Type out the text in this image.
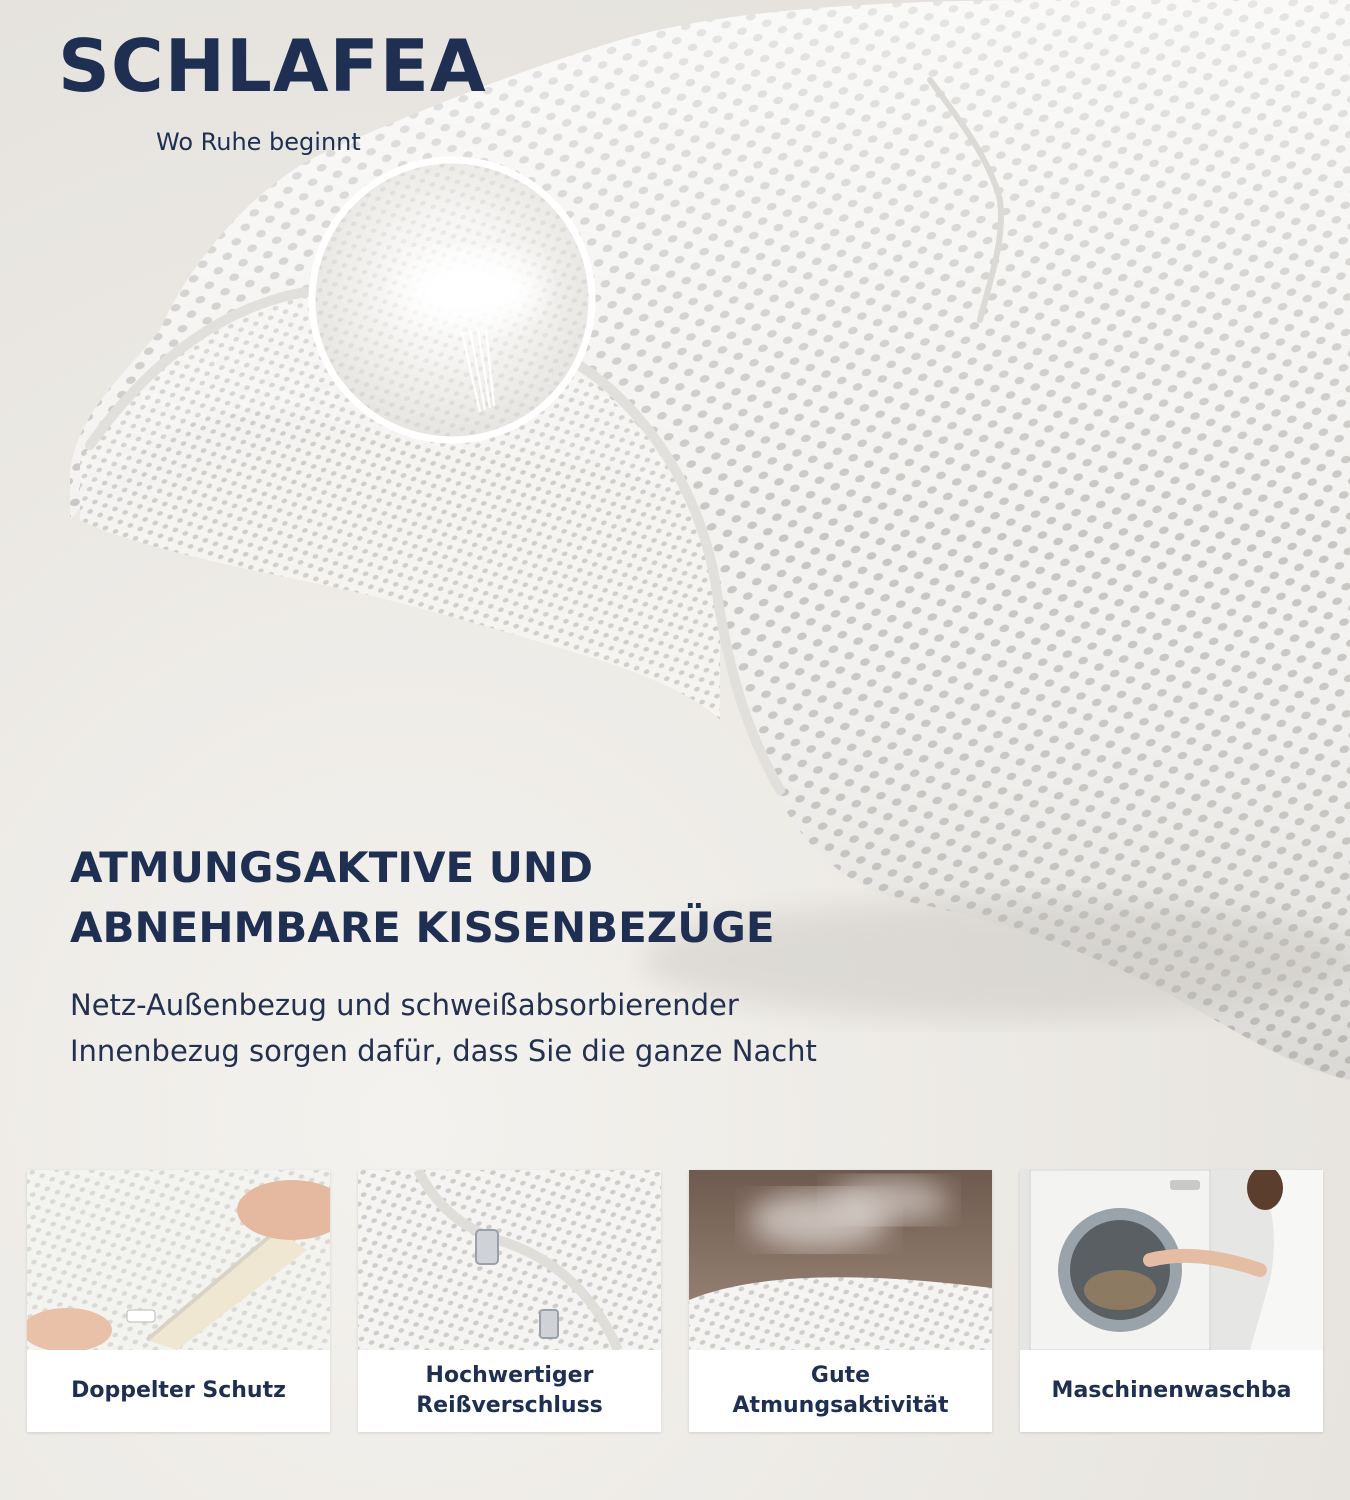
SCHLAFEA
Wo Ruhe beginnt
ATMUNGSAKTIVE UND
ABNEHMBARE KISSENBEZÜGE

Netz-Außenbezug und schweißabsorbierender
Innenbezug sorgen dafür, dass Sie die ganze Nacht

Doppelter Schutz
Hochwertiger
Reißverschluss
Gute
Atmungsaktivität
Maschinenwaschba
